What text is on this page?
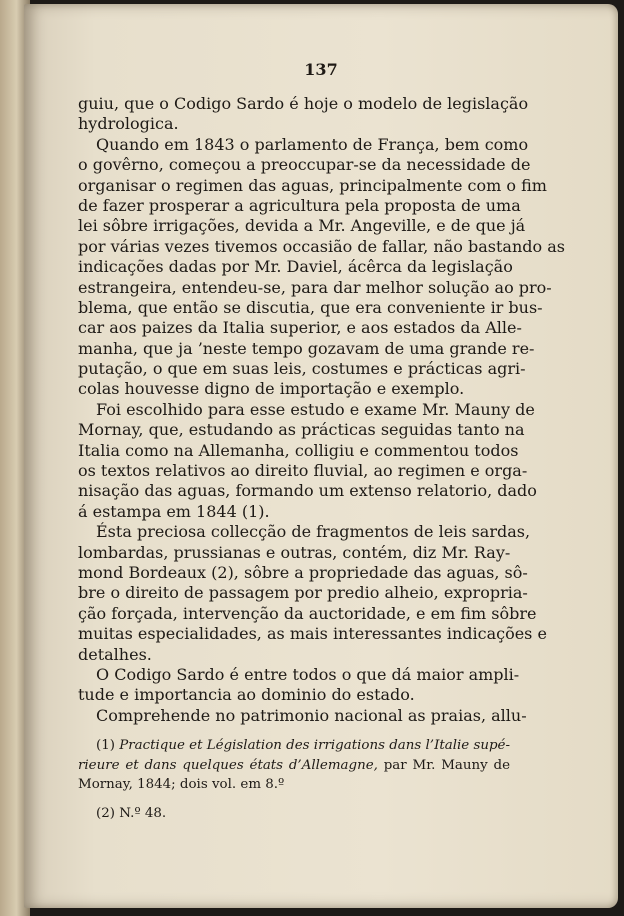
137
guiu, que o Codigo Sardo é hoje o modelo de legislação
hydrologica.
Quando em 1843 o parlamento de França, bem como
o govêrno, começou a preoccupar-se da necessidade de
organisar o regimen das aguas, principalmente com o fim
de fazer prosperar a agricultura pela proposta de uma
lei sôbre irrigações, devida a Mr. Angeville, e de que já
por várias vezes tivemos occasião de fallar, não bastando as
indicações dadas por Mr. Daviel, ácêrca da legislação
estrangeira, entendeu-se, para dar melhor solução ao pro-
blema, que então se discutia, que era conveniente ir bus-
car aos paizes da Italia superior, e aos estados da Alle-
manha, que ja ’neste tempo gozavam de uma grande re-
putação, o que em suas leis, costumes e prácticas agri-
colas houvesse digno de importação e exemplo.
Foi escolhido para esse estudo e exame Mr. Mauny de
Mornay, que, estudando as prácticas seguidas tanto na
Italia como na Allemanha, colligiu e commentou todos
os textos relativos ao direito fluvial, ao regimen e orga-
nisação das aguas, formando um extenso relatorio, dado
á estampa em 1844 (1).
Ésta preciosa collecção de fragmentos de leis sardas,
lombardas, prussianas e outras, contém, diz Mr. Ray-
mond Bordeaux (2), sôbre a propriedade das aguas, sô-
bre o direito de passagem por predio alheio, expropria-
ção forçada, intervenção da auctoridade, e em fim sôbre
muitas especialidades, as mais interessantes indicações e
detalhes.
O Codigo Sardo é entre todos o que dá maior ampli-
tude e importancia ao dominio do estado.
Comprehende no patrimonio nacional as praias, allu-
(1) Practique et Législation des irrigations dans l’Italie supé-
rieure et dans quelques états d’Allemagne, par Mr. Mauny de
Mornay, 1844; dois vol. em 8.º
(2) N.º 48.
